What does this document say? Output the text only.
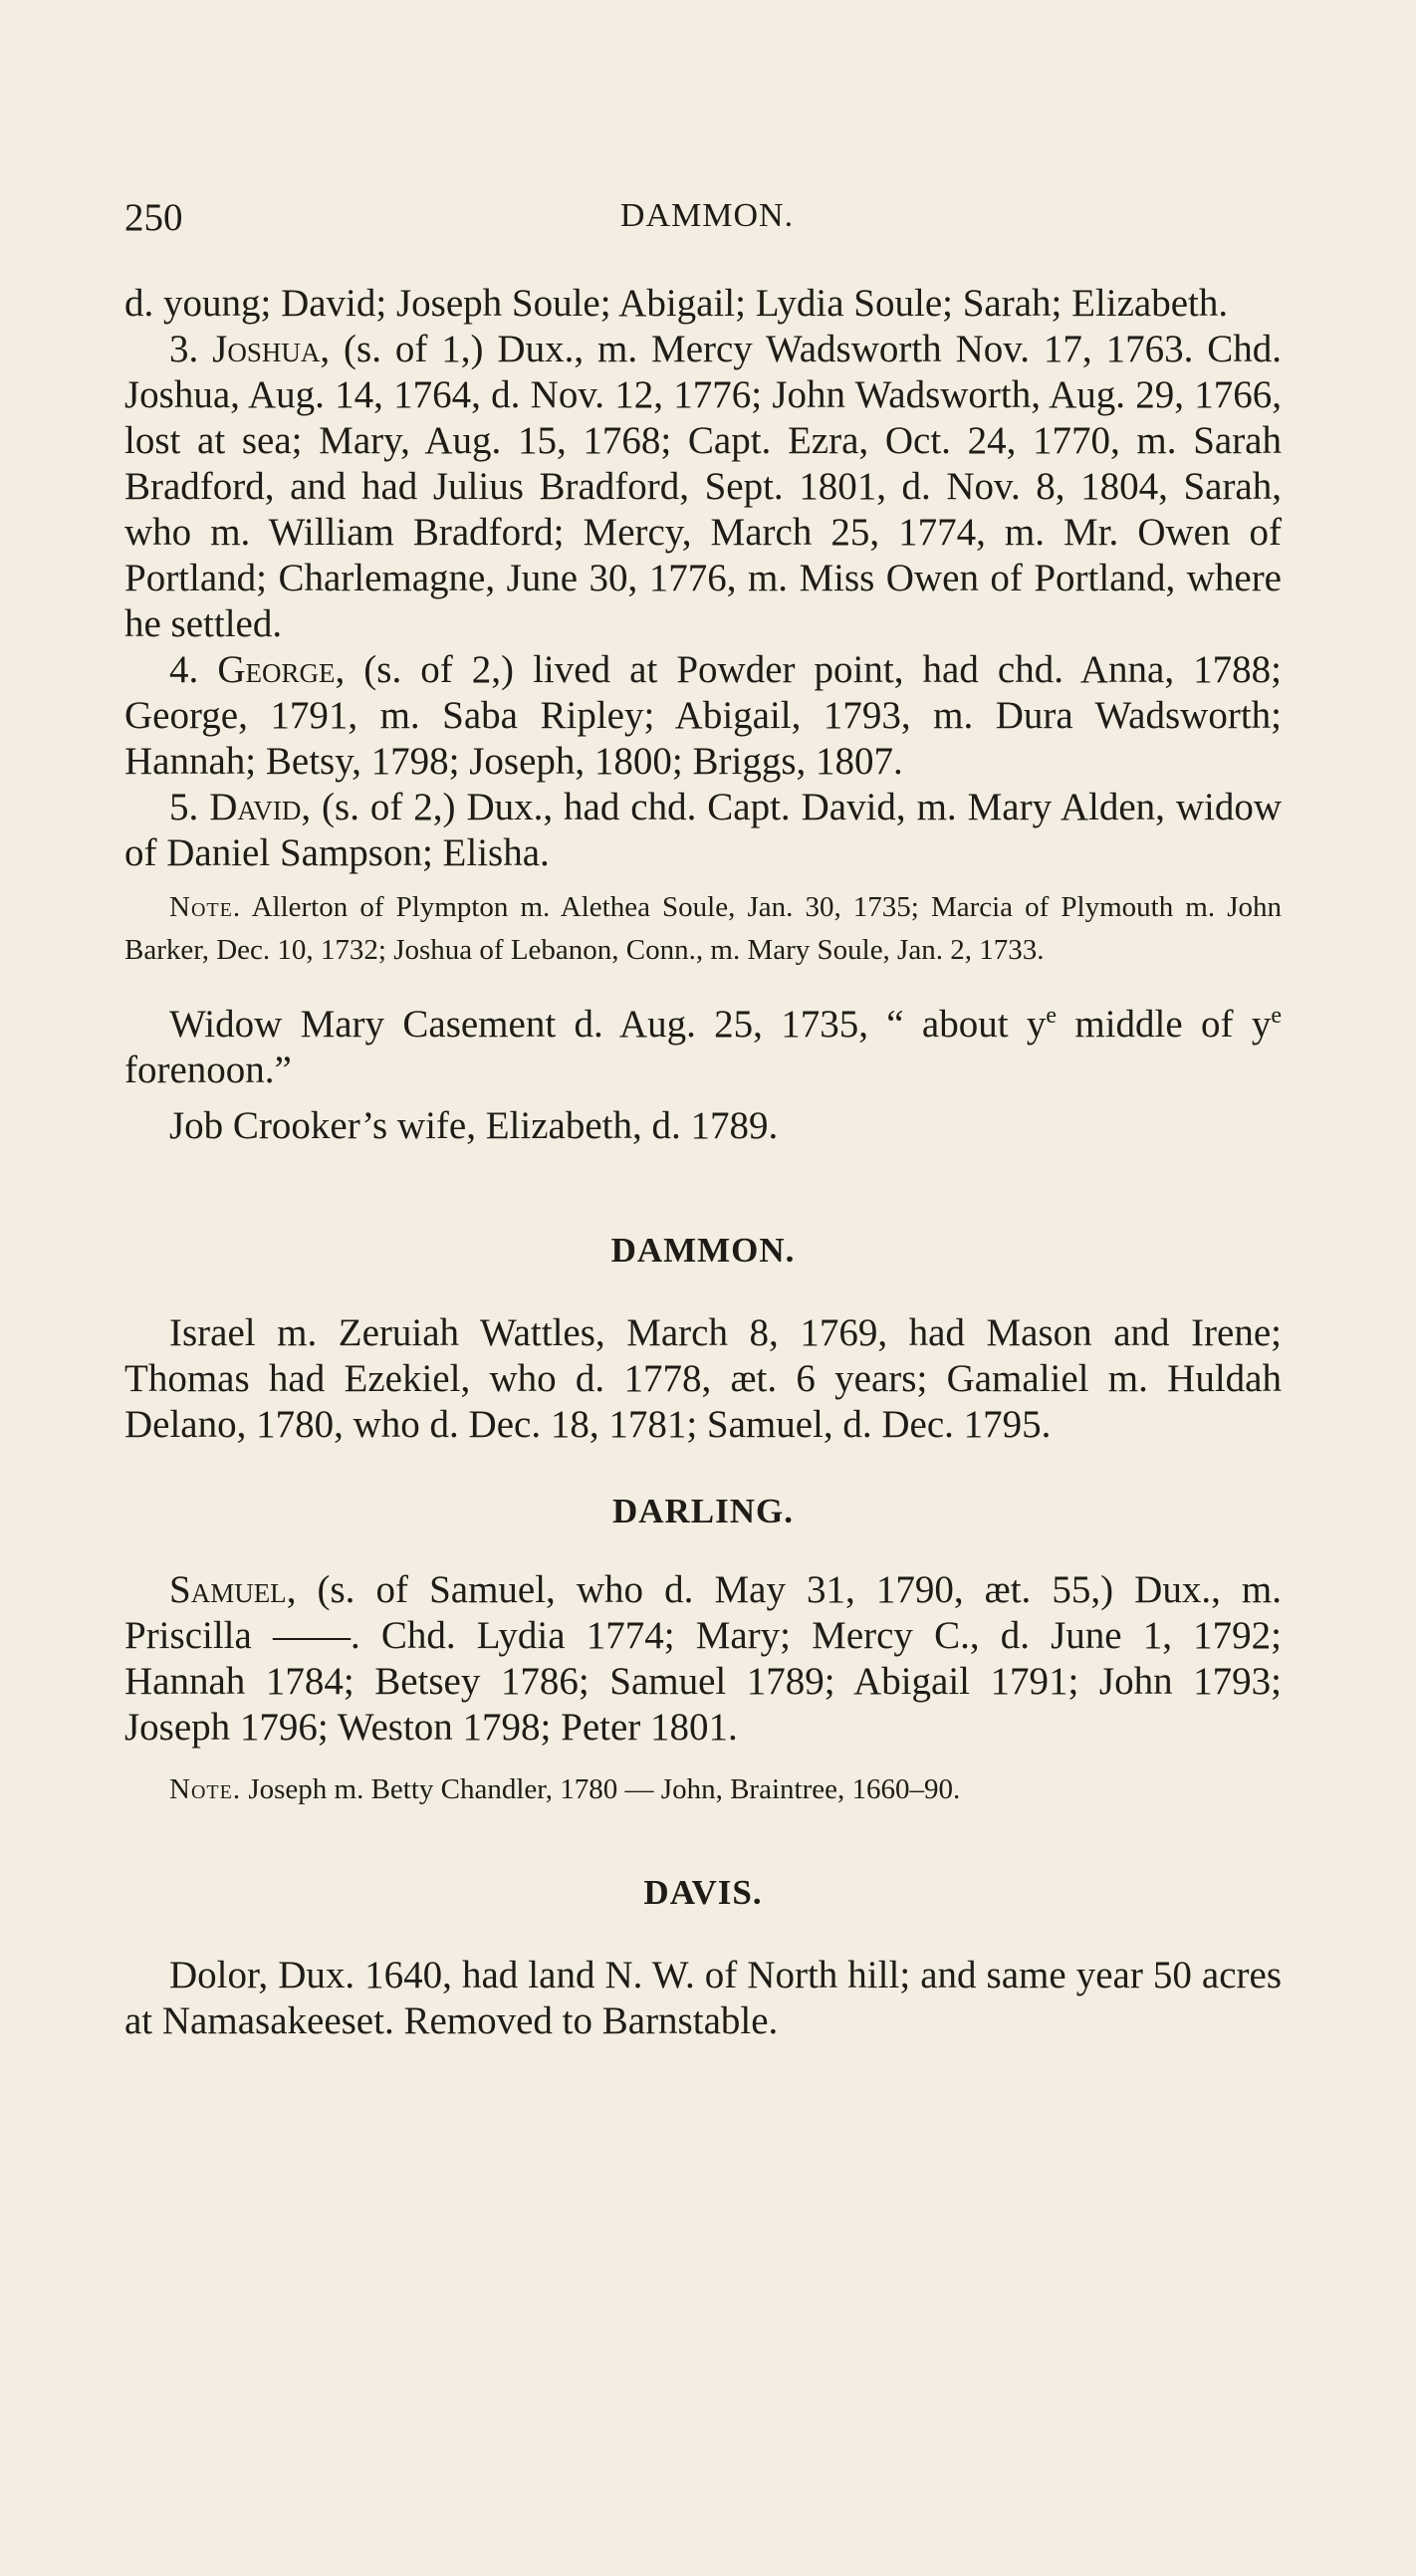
250	DAMMON.

d. young; David; Joseph Soule; Abigail; Lydia Soule; Sarah; Elizabeth.

3. Joshua, (s. of 1,) Dux., m. Mercy Wadsworth Nov. 17, 1763. Chd. Joshua, Aug. 14, 1764, d. Nov. 12, 1776; John Wadsworth, Aug. 29, 1766, lost at sea; Mary, Aug. 15, 1768; Capt. Ezra, Oct. 24, 1770, m. Sarah Bradford, and had Julius Bradford, Sept. 1801, d. Nov. 8, 1804, Sarah, who m. William Bradford; Mercy, March 25, 1774, m. Mr. Owen of Portland; Charlemagne, June 30, 1776, m. Miss Owen of Portland, where he settled.

4. George, (s. of 2,) lived at Powder point, had chd. Anna, 1788; George, 1791, m. Saba Ripley; Abigail, 1793, m. Dura Wadsworth; Hannah; Betsy, 1798; Joseph, 1800; Briggs, 1807.

5. David, (s. of 2,) Dux., had chd. Capt. David, m. Mary Alden, widow of Daniel Sampson; Elisha.

Note. Allerton of Plympton m. Alethea Soule, Jan. 30, 1735; Marcia of Plymouth m. John Barker, Dec. 10, 1732; Joshua of Lebanon, Conn., m. Mary Soule, Jan. 2, 1733.

Widow Mary Casement d. Aug. 25, 1735, “ about $y^e$ middle of $y^e$ forenoon.”

Job Crooker’s wife, Elizabeth, d. 1789.

DAMMON.

Israel m. Zeruiah Wattles, March 8, 1769, had Mason and Irene; Thomas had Ezekiel, who d. 1778, æt. 6 years; Gamaliel m. Huldah Delano, 1780, who d. Dec. 18, 1781; Samuel, d. Dec. 1795.

DARLING.

Samuel, (s. of Samuel, who d. May 31, 1790, æt. 55,) Dux., m. Priscilla ——. Chd. Lydia 1774; Mary; Mercy C., d. June 1, 1792; Hannah 1784; Betsey 1786; Samuel 1789; Abigail 1791; John 1793; Joseph 1796; Weston 1798; Peter 1801.

Note. Joseph m. Betty Chandler, 1780 — John, Braintree, 1660–90.

DAVIS.

Dolor, Dux. 1640, had land N. W. of North hill; and same year 50 acres at Namasakeeset. Removed to Barnstable.
